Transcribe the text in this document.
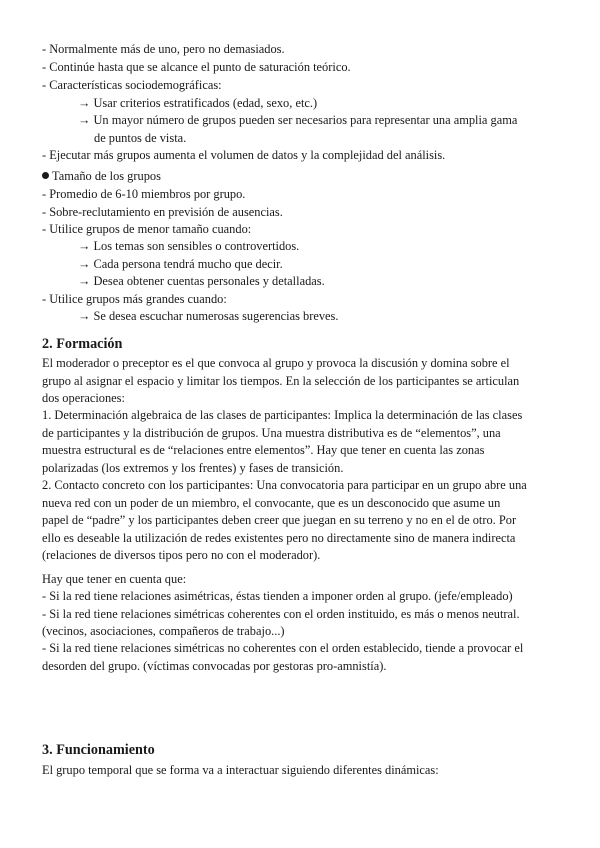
- Normalmente más de uno, pero no demasiados.
- Continúe hasta que se alcance el punto de saturación teórico.
- Características sociodemográficas:
→ Usar criterios estratificados (edad, sexo, etc.)
→ Un mayor número de grupos pueden ser necesarios para representar una amplia gama
de puntos de vista.
- Ejecutar más grupos aumenta el volumen de datos y la complejidad del análisis.
Tamaño de los grupos
- Promedio de 6-10 miembros por grupo.
- Sobre-reclutamiento en previsión de ausencias.
- Utilice grupos de menor tamaño cuando:
→ Los temas son sensibles o controvertidos.
→ Cada persona tendrá mucho que decir.
→ Desea obtener cuentas personales y detalladas.
- Utilice grupos más grandes cuando:
→ Se desea escuchar numerosas sugerencias breves.
2. Formación
El moderador o preceptor es el que convoca al grupo y provoca la discusión y domina sobre el
grupo al asignar el espacio y limitar los tiempos. En la selección de los participantes se articulan
dos operaciones:
1. Determinación algebraica de las clases de participantes: Implica la determinación de las clases
de participantes y la distribución de grupos. Una muestra distributiva es de “elementos”, una
muestra estructural es de “relaciones entre elementos”. Hay que tener en cuenta las zonas
polarizadas (los extremos y los frentes) y fases de transición.
2. Contacto concreto con los participantes: Una convocatoria para participar en un grupo abre una
nueva red con un poder de un miembro, el convocante, que es un desconocido que asume un
papel de “padre” y los participantes deben creer que juegan en su terreno y no en el de otro. Por
ello es deseable la utilización de redes existentes pero no directamente sino de manera indirecta
(relaciones de diversos tipos pero no con el moderador).
Hay que tener en cuenta que:
- Si la red tiene relaciones asimétricas, éstas tienden a imponer orden al grupo. (jefe/empleado)
- Si la red tiene relaciones simétricas coherentes con el orden instituido, es más o menos neutral.
(vecinos, asociaciones, compañeros de trabajo...)
- Si la red tiene relaciones simétricas no coherentes con el orden establecido, tiende a provocar el
desorden del grupo. (víctimas convocadas por gestoras pro-amnistía).
3. Funcionamiento
El grupo temporal que se forma va a interactuar siguiendo diferentes dinámicas:
